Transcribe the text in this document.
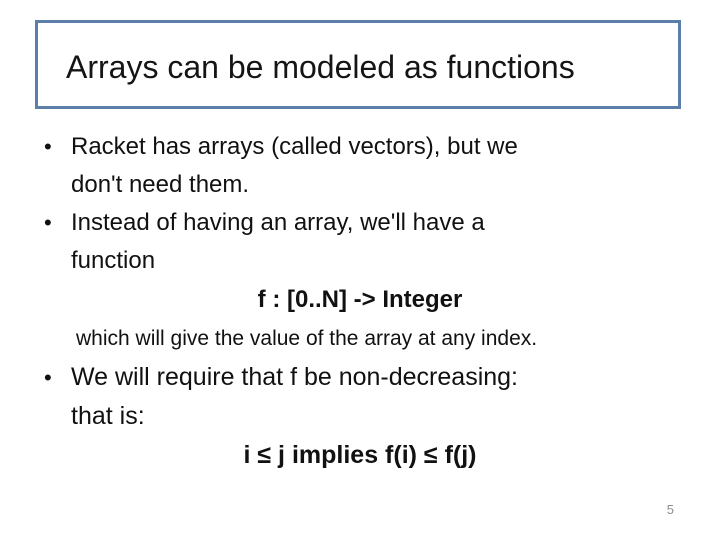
Arrays can be modeled as functions
• Racket has arrays (called vectors), but we
don't need them.
• Instead of having an array, we'll have a
function
f : [0..N] -> Integer
which will give the value of the array at any index.
• We will require that f be non-decreasing:
that is:
i ≤ j implies f(i) ≤ f(j)
5
